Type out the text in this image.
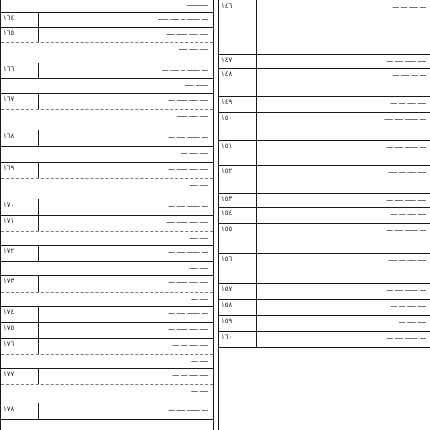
─────
١٦٤	ـــ ــــــ ــ ــــ ـــــ
١٦٥	ــــ ــــ ـــــ ــــ
ــــ ــــ ــــ
١٦٦	ـــ ــــــ ــ ــــ ـــ
ــــــ ــــ
١٦٧	ــــ ــــ ـــــ ـــ
ــــ ــــ ـــــ
١٦٨	ـــ ــــــ ــــ ـــ
ــــ ــــ ـــ
١٦٩	ــــ ــــ ـــــ ـــ
ــــ ــــ
١٧٠	ـــ ــــــ ــــ ـــ
١٧١	ــــ ــــ ـــــ ــــ
ــــ ــــ
١٧٢	ـــ ــــــ ــــ ـــ
ــــ ــــ
١٧٣	ــــ ــــ ـــــ ـــ
ــــ ـــ
١٧٤	ـــ ــــــ ــــ ـــ
١٧٥	ــــ ــــ ـــــ ـــ
١٧٦	ــــ ــــ ـــ ـــ
ــــ ـــ
١٧٧	ــــ ــــ ـــ ـــ
ــــ ـــ
١٧٨	ـــ ــــــ ــــ ـــ
١٤٦	ـــ ــــ ـــ ـــ
١٤٧	ــــ ـــــ ــــ ـــ
١٤٨	ـــ ـــ ــــ ـــ
١٤٩	ــــ ــــ ـــ ـــ
١٥٠	ـــ ــــــ ــــ ــــ
١٥١	ـــ ــــــ ــــ ـــ
١٥٢	ــــ ــــ ـــ ــــ
١٥٣	ــــ ـــــ ــــ ـــ
١٥٤	ــــ ــــ ـــ ـــ
١٥٥	ـــ ــــــ ــــ ـــ
١٥٦	ــــ ــــ ـــ ــــ
١٥٧	ـــ ــــــ ــــ ـــ
١٥٨	ــــ ــــ ـــ ـــ
١٥٩	ــــ ــــ ـــ
١٦٠	ـــ ــــــ ــــ ـــ
